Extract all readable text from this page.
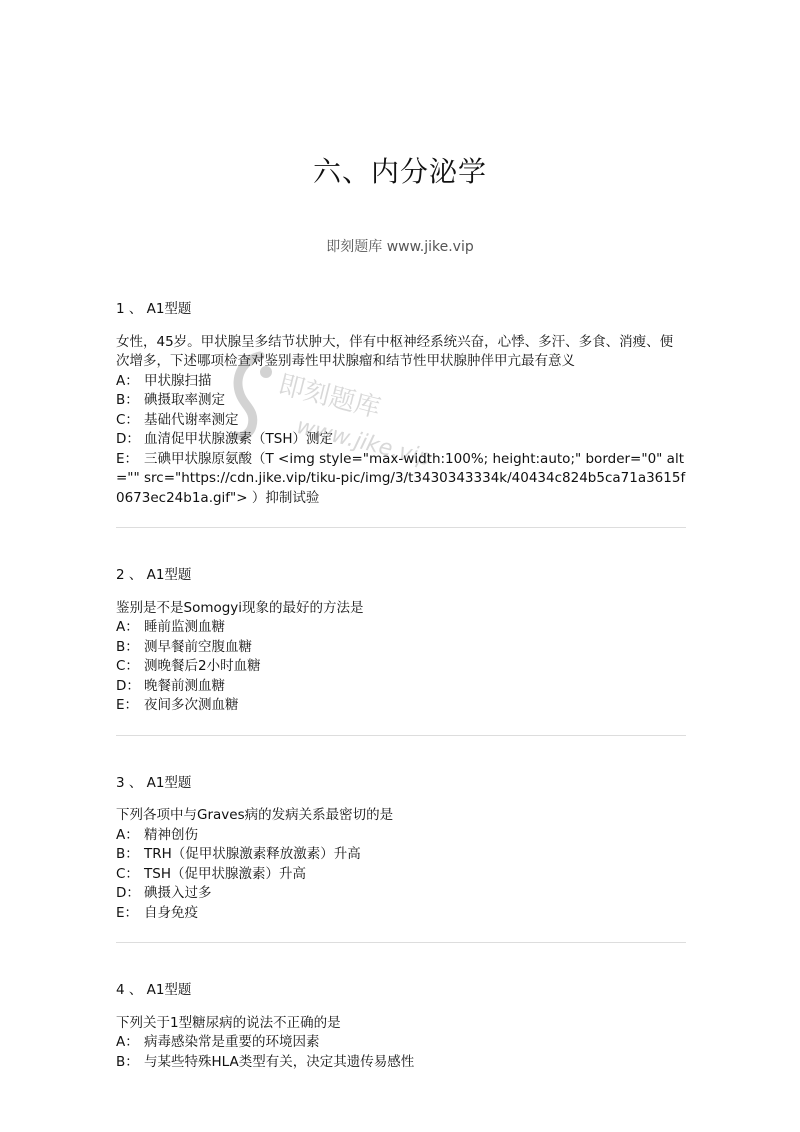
六、内分泌学
即刻题库 www.jike.vip
即刻题库
www.jike.vip
1 、 A1型题
女性，45岁。甲状腺呈多结节状肿大，伴有中枢神经系统兴奋，心悸、多汗、多食、消瘦、便次增多，下述哪项检查对鉴别毒性甲状腺瘤和结节性甲状腺肿伴甲亢最有意义
A： 甲状腺扫描
B： 碘摄取率测定
C： 基础代谢率测定
D： 血清促甲状腺激素（TSH）测定
E： 三碘甲状腺原氨酸（T <img style="max-width:100%; height:auto;" border="0" alt="" src="https://cdn.jike.vip/tiku-pic/img/3/t3430343334k/40434c824b5ca71a3615f0673ec24b1a.gif"> ）抑制试验
2 、 A1型题
鉴别是不是Somogyi现象的最好的方法是
A： 睡前监测血糖
B： 测早餐前空腹血糖
C： 测晚餐后2小时血糖
D： 晚餐前测血糖
E： 夜间多次测血糖
3 、 A1型题
下列各项中与Graves病的发病关系最密切的是
A： 精神创伤
B： TRH（促甲状腺激素释放激素）升高
C： TSH（促甲状腺激素）升高
D： 碘摄入过多
E： 自身免疫
4 、 A1型题
下列关于1型糖尿病的说法不正确的是
A： 病毒感染常是重要的环境因素
B： 与某些特殊HLA类型有关，决定其遗传易感性
